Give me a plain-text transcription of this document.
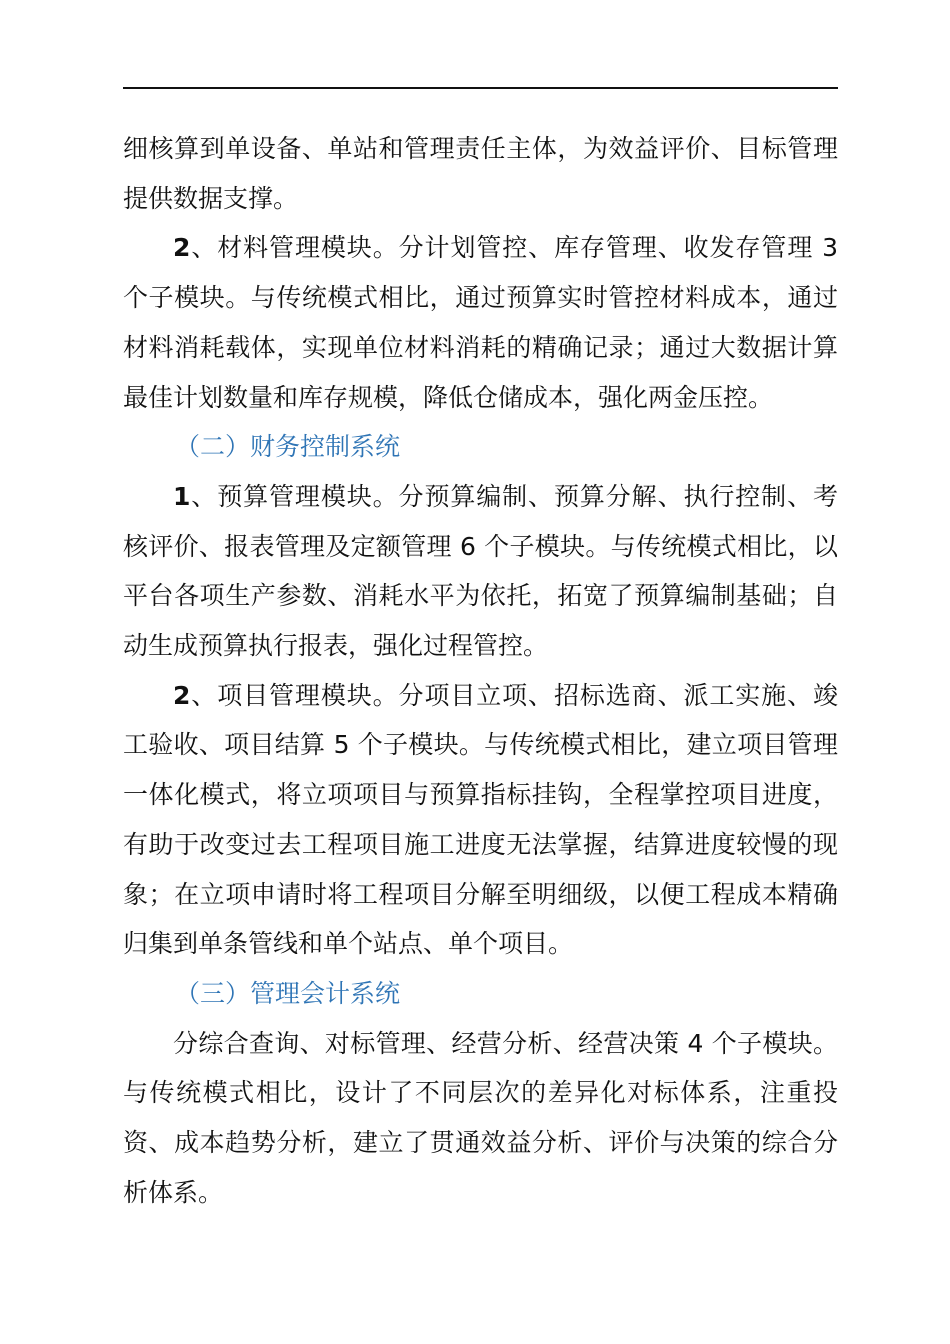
细核算到单设备、单站和管理责任主体，为效益评价、目标管理提供数据支撑。

2、材料管理模块。分计划管控、库存管理、收发存管理 3个子模块。与传统模式相比，通过预算实时管控材料成本，通过材料消耗载体，实现单位材料消耗的精确记录；通过大数据计算最佳计划数量和库存规模，降低仓储成本，强化两金压控。

（二）财务控制系统

1、预算管理模块。分预算编制、预算分解、执行控制、考核评价、报表管理及定额管理 6 个子模块。与传统模式相比，以平台各项生产参数、消耗水平为依托，拓宽了预算编制基础；自动生成预算执行报表，强化过程管控。

2、项目管理模块。分项目立项、招标选商、派工实施、竣工验收、项目结算 5 个子模块。与传统模式相比，建立项目管理一体化模式，将立项项目与预算指标挂钩，全程掌控项目进度，有助于改变过去工程项目施工进度无法掌握，结算进度较慢的现象；在立项申请时将工程项目分解至明细级，以便工程成本精确归集到单条管线和单个站点、单个项目。

（三）管理会计系统

分综合查询、对标管理、经营分析、经营决策 4 个子模块。与传统模式相比，设计了不同层次的差异化对标体系，注重投资、成本趋势分析，建立了贯通效益分析、评价与决策的综合分析体系。
